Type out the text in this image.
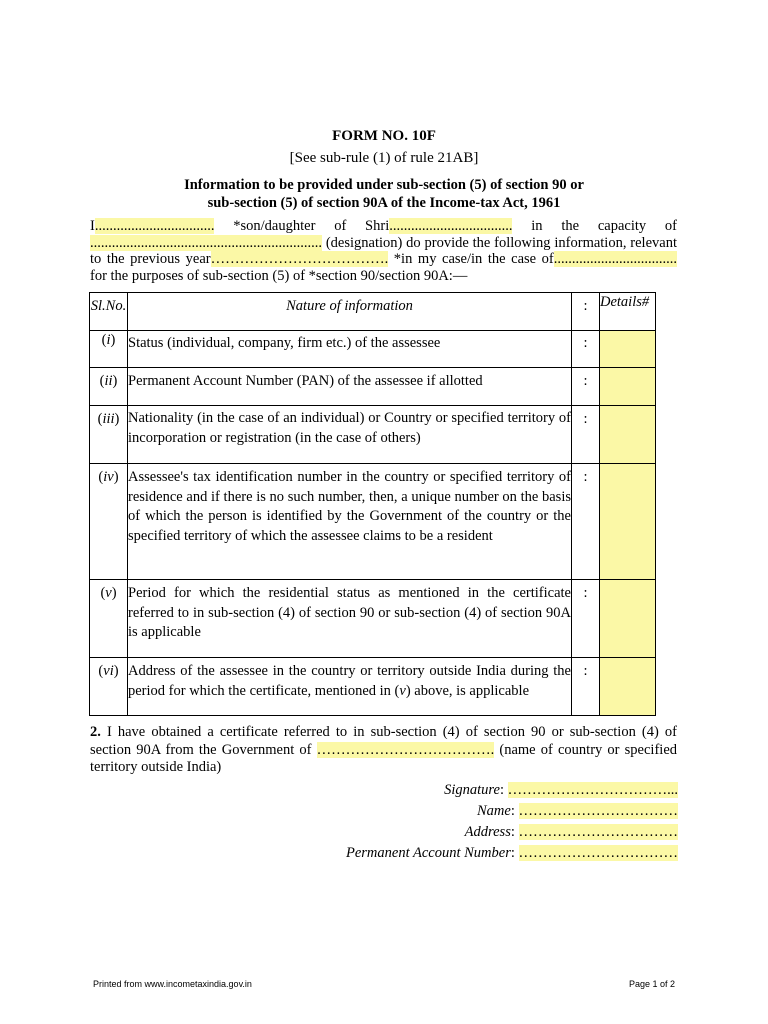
FORM NO. 10F
[See sub-rule (1) of rule 21AB]
Information to be provided under sub-section (5) of section 90 or
sub-section (5) of section 90A of the Income-tax Act, 1961
I................................. *son/daughter of Shri.................................. in the capacity of ................................................................ (designation) do provide the following information, relevant to the previous year………………………………. *in my case/in the case of.................................. for the purposes of sub-section (5) of *section 90/section 90A:—
Sl.No.	Nature of information	:	Details#
(i)	Status (individual, company, firm etc.) of the assessee	:	
(ii)	Permanent Account Number (PAN) of the assessee if allotted	:	
(iii)	Nationality (in the case of an individual) or Country or specified territory of incorporation or registration (in the case of others)	:	
(iv)	Assessee's tax identification number in the country or specified territory of residence and if there is no such number, then, a unique number on the basis of which the person is identified by the Government of the country or the specified territory of which the assessee claims to be a resident	:	
(v)	Period for which the residential status as mentioned in the certificate referred to in sub-section (4) of section 90 or sub-section (4) of section 90A is applicable	:	
(vi)	Address of the assessee in the country or territory outside India during the period for which the certificate, mentioned in (v) above, is applicable	:	
2. I have obtained a certificate referred to in sub-section (4) of section 90 or sub-section (4) of section 90A from the Government of ………………………………. (name of country or specified territory outside India)
Signature: ……………………………...
Name: ……………………………
Address: ……………………………
Permanent Account Number: ……………………………
Printed from www.incometaxindia.gov.in	Page 1 of 2
